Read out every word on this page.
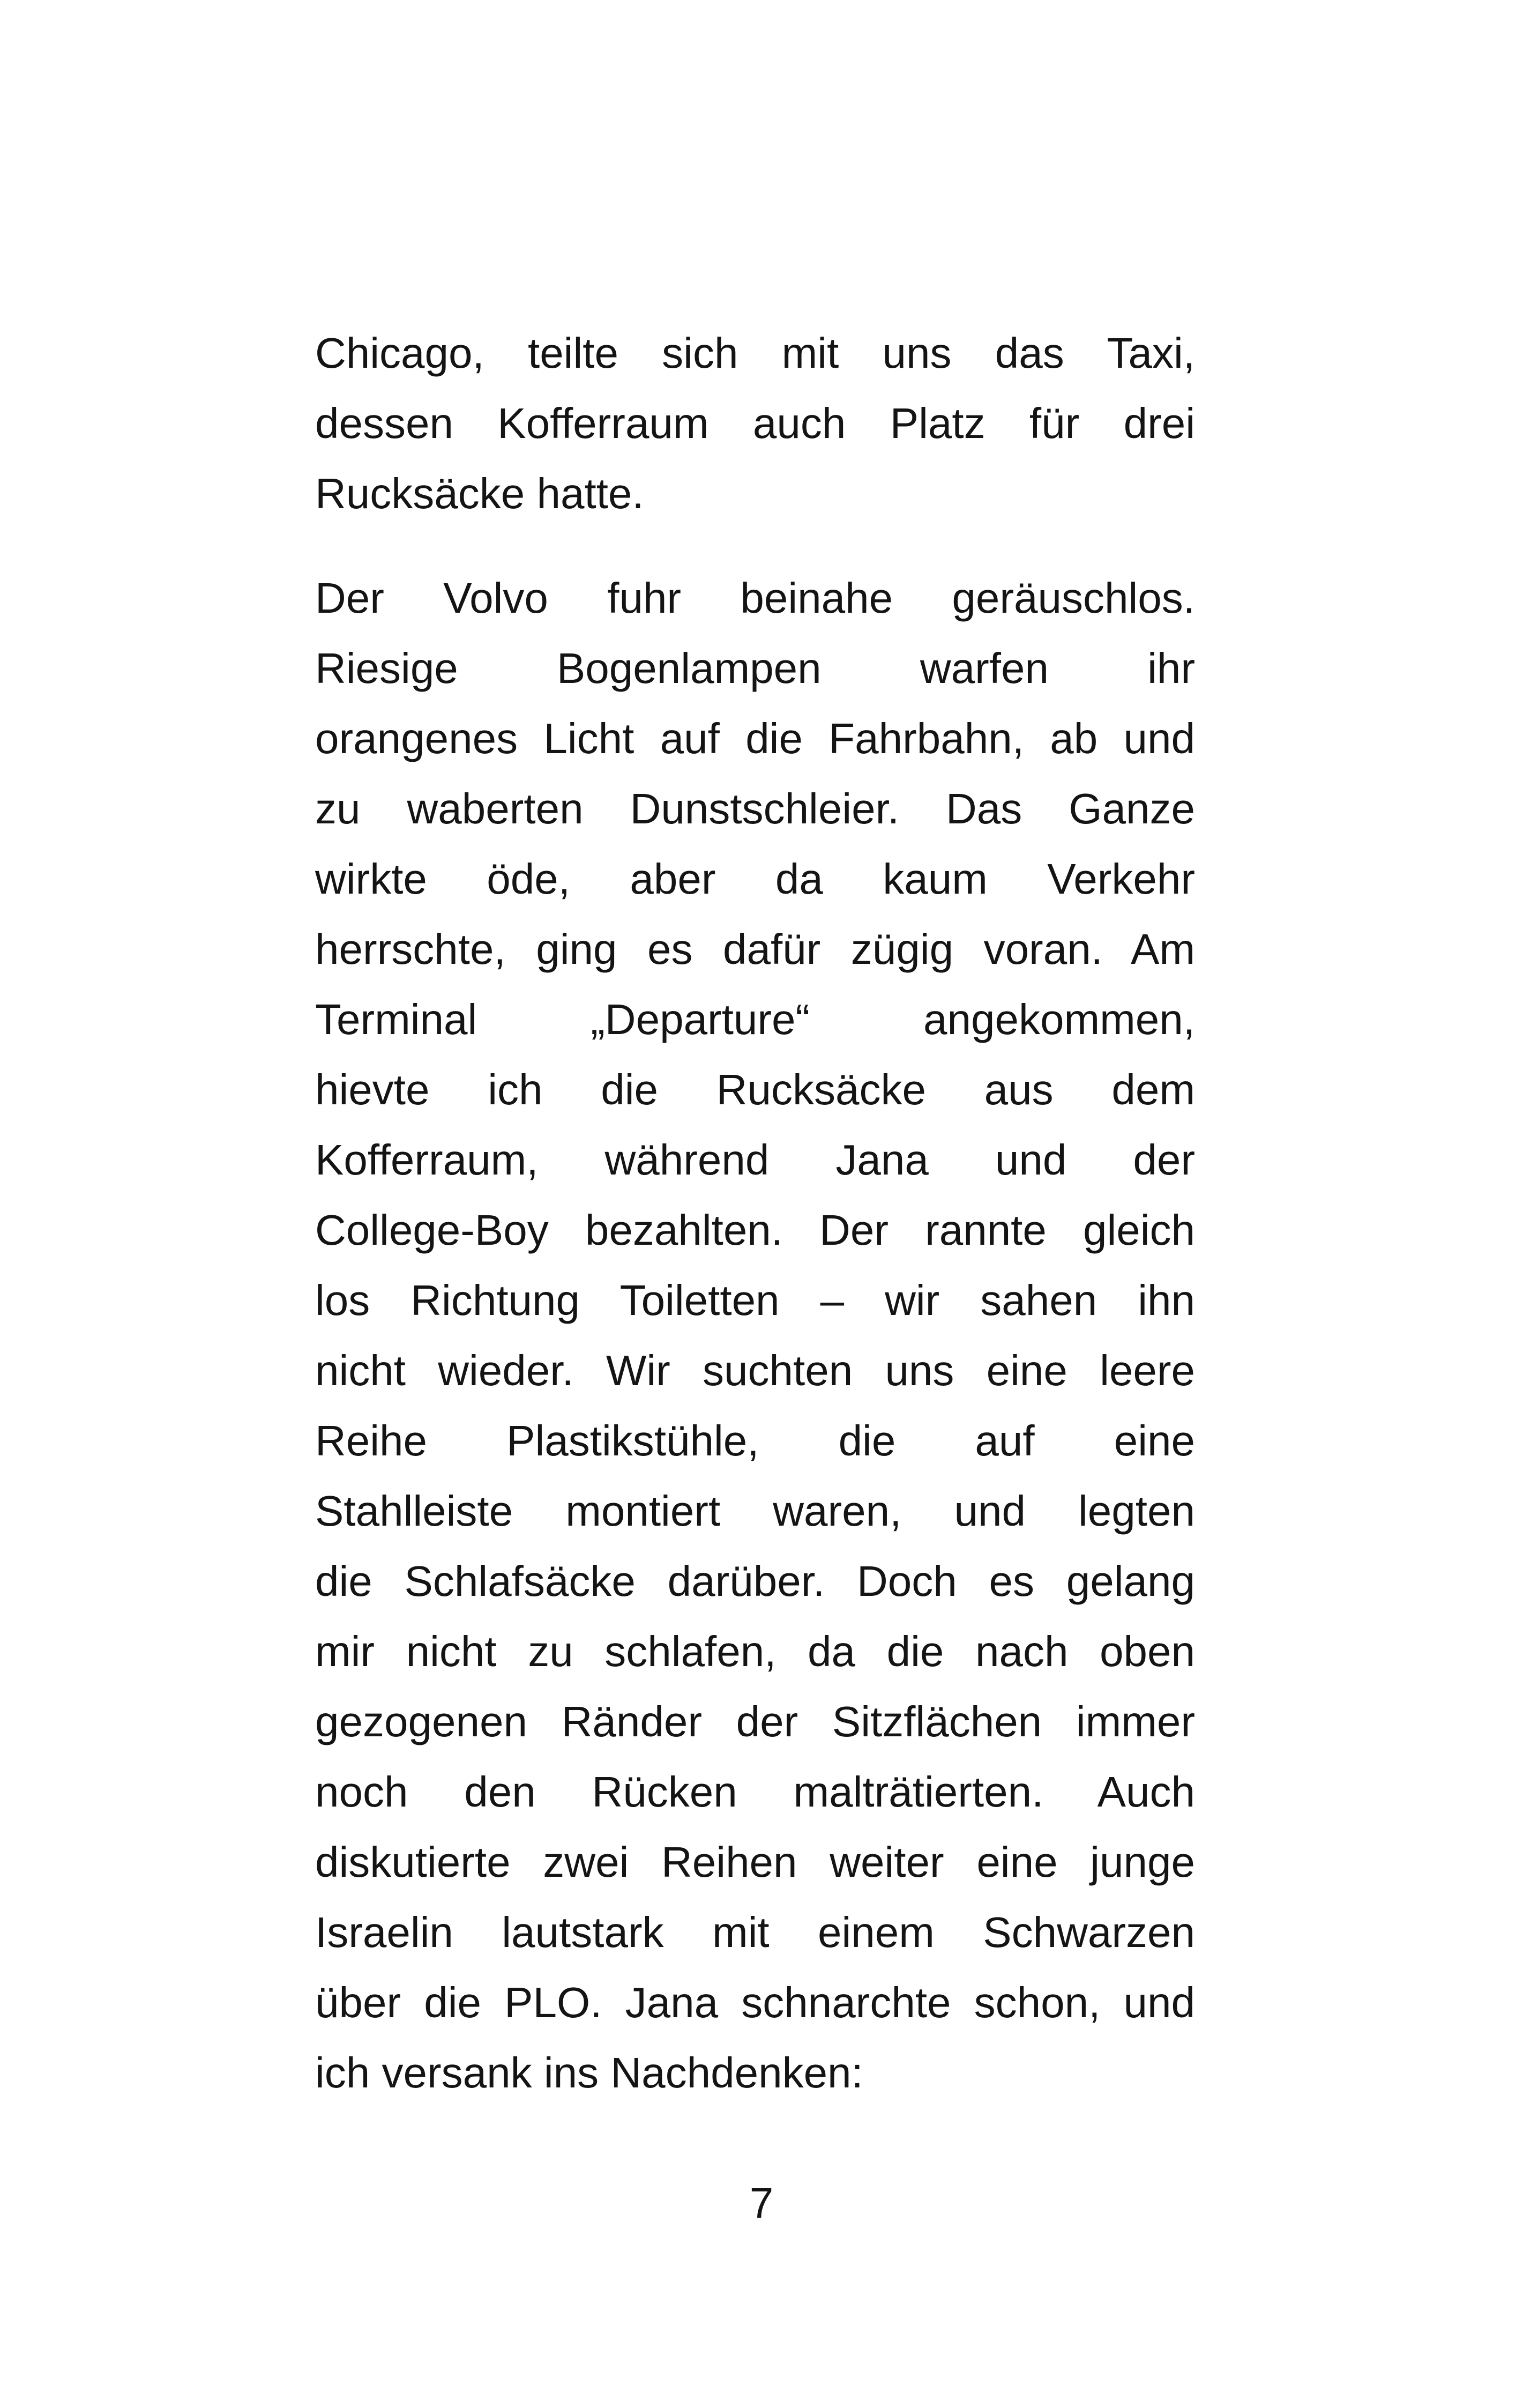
Chicago, teilte sich mit uns das Taxi,
dessen Kofferraum auch Platz für drei
Rucksäcke hatte.
Der Volvo fuhr beinahe geräuschlos.
Riesige Bogenlampen warfen ihr
orangenes Licht auf die Fahrbahn, ab und
zu waberten Dunstschleier. Das Ganze
wirkte öde, aber da kaum Verkehr
herrschte, ging es dafür zügig voran. Am
Terminal „Departure“ angekommen,
hievte ich die Rucksäcke aus dem
Kofferraum, während Jana und der
College-Boy bezahlten. Der rannte gleich
los Richtung Toiletten – wir sahen ihn
nicht wieder. Wir suchten uns eine leere
Reihe Plastikstühle, die auf eine
Stahlleiste montiert waren, und legten
die Schlafsäcke darüber. Doch es gelang
mir nicht zu schlafen, da die nach oben
gezogenen Ränder der Sitzflächen immer
noch den Rücken malträtierten. Auch
diskutierte zwei Reihen weiter eine junge
Israelin lautstark mit einem Schwarzen
über die PLO. Jana schnarchte schon, und
ich versank ins Nachdenken:
7
